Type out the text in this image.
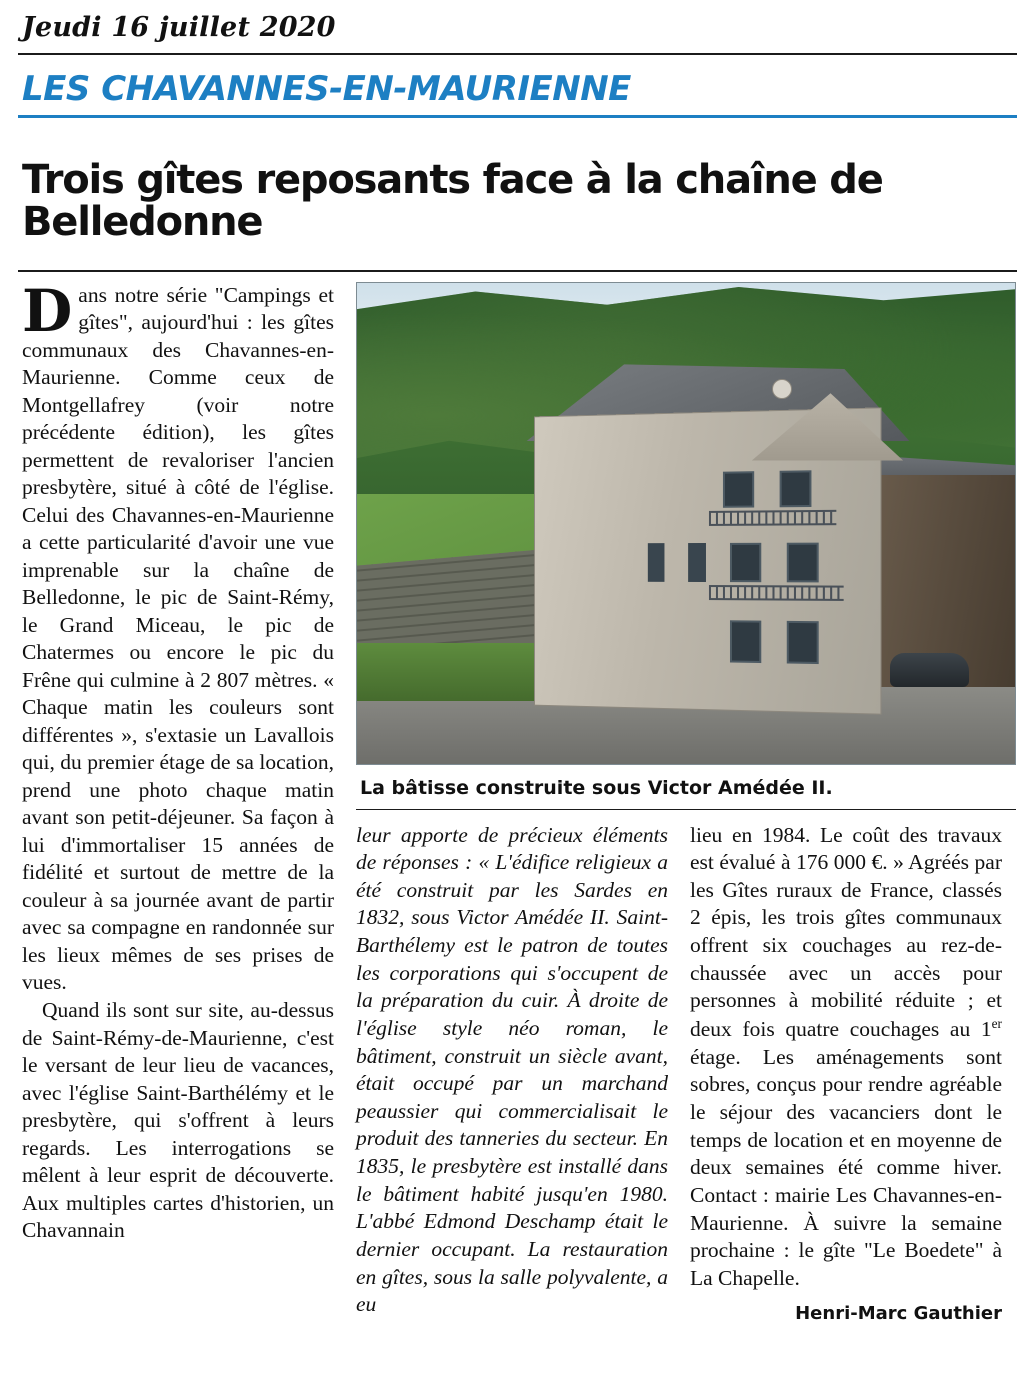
Jeudi 16 juillet 2020
LES CHAVANNES-EN-MAURIENNE
Trois gîtes reposants face à la chaîne de Belledonne

Dans notre série "Campings et gîtes", aujourd'hui : les gîtes communaux des Chavannes-en-Maurienne. Comme ceux de Montgellafrey (voir notre précédente édition), les gîtes permettent de revaloriser l'ancien presbytère, situé à côté de l'église. Celui des Chavannes-en-Maurienne a cette particularité d'avoir une vue imprenable sur la chaîne de Belledonne, le pic de Saint-Rémy, le Grand Miceau, le pic de Chatermes ou encore le pic du Frêne qui culmine à 2 807 mètres. « Chaque matin les couleurs sont différentes », s'extasie un Lavallois qui, du premier étage de sa location, prend une photo chaque matin avant son petit-déjeuner. Sa façon à lui d'immortaliser 15 années de fidélité et surtout de mettre de la couleur à sa journée avant de partir avec sa compagne en randonnée sur les lieux mêmes de ses prises de vues.

Quand ils sont sur site, au-dessus de Saint-Rémy-de-Maurienne, c'est le versant de leur lieu de vacances, avec l'église Saint-Barthélémy et le presbytère, qui s'offrent à leurs regards. Les interrogations se mêlent à leur esprit de découverte. Aux multiples cartes d'historien, un Chavannain

La bâtisse construite sous Victor Amédée II.

leur apporte de précieux éléments de réponses : « L'édifice religieux a été construit par les Sardes en 1832, sous Victor Amédée II. Saint-Barthélemy est le patron de toutes les corporations qui s'occupent de la préparation du cuir. À droite de l'église style néo roman, le bâtiment, construit un siècle avant, était occupé par un marchand peaussier qui commercialisait le produit des tanneries du secteur. En 1835, le presbytère est installé dans le bâtiment habité jusqu'en 1980. L'abbé Edmond Deschamp était le dernier occupant. La restauration en gîtes, sous la salle polyvalente, a eu

lieu en 1984. Le coût des travaux est évalué à 176 000 €. » Agréés par les Gîtes ruraux de France, classés 2 épis, les trois gîtes communaux offrent six couchages au rez-de-chaussée avec un accès pour personnes à mobilité réduite ; et deux fois quatre couchages au 1er étage. Les aménagements sont sobres, conçus pour rendre agréable le séjour des vacanciers dont le temps de location et en moyenne de deux semaines été comme hiver. Contact : mairie Les Chavannes-en-Maurienne. À suivre la semaine prochaine : le gîte "Le Boedete" à La Chapelle.

Henri-Marc Gauthier
